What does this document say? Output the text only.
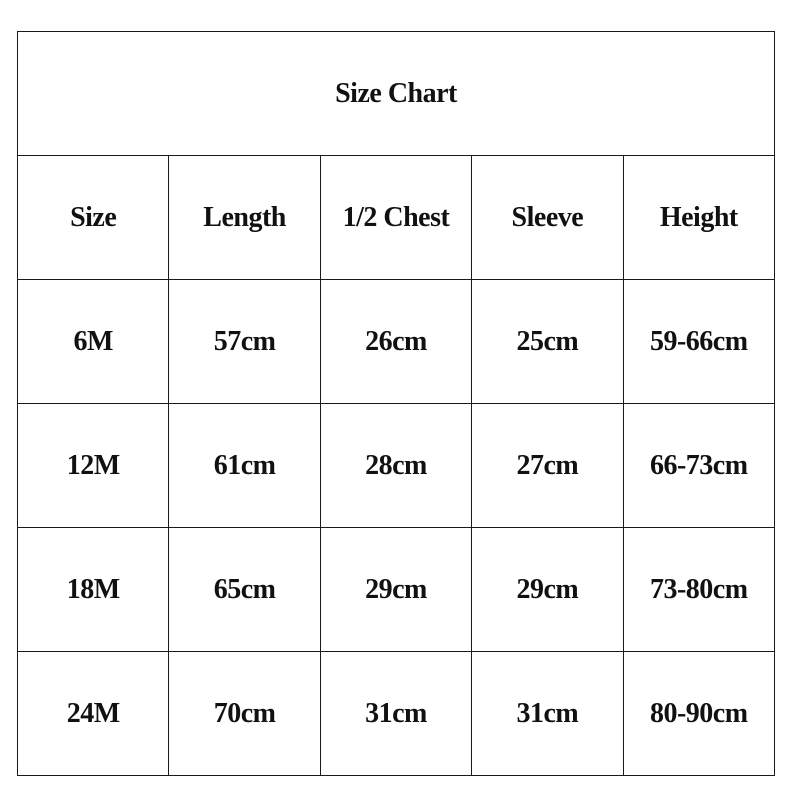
Size Chart				
Size	Length	1/2 Chest	Sleeve	Height
6M	57cm	26cm	25cm	59-66cm
12M	61cm	28cm	27cm	66-73cm
18M	65cm	29cm	29cm	73-80cm
24M	70cm	31cm	31cm	80-90cm
